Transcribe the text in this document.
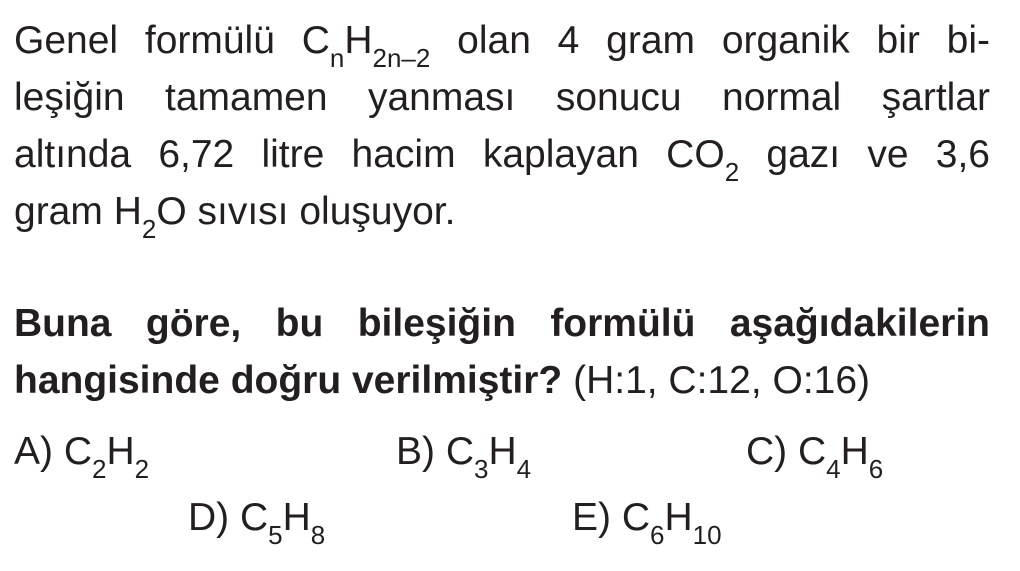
Genel formülü $C_nH_{2n-2}$ olan 4 gram organik bir bi-
leşiğin tamamen yanması sonucu normal şartlar
altında 6,72 litre hacim kaplayan $CO_2$ gazı ve 3,6
gram $H_2O$ sıvısı oluşuyor.
Buna göre, bu bileşiğin formülü aşağıdakilerin
hangisinde doğru verilmiştir? (H:1, C:12, O:16)
A) $C_2H_2$	B) $C_3H_4$	C) $C_4H_6$
D) $C_5H_8$	E) $C_6H_{10}$
